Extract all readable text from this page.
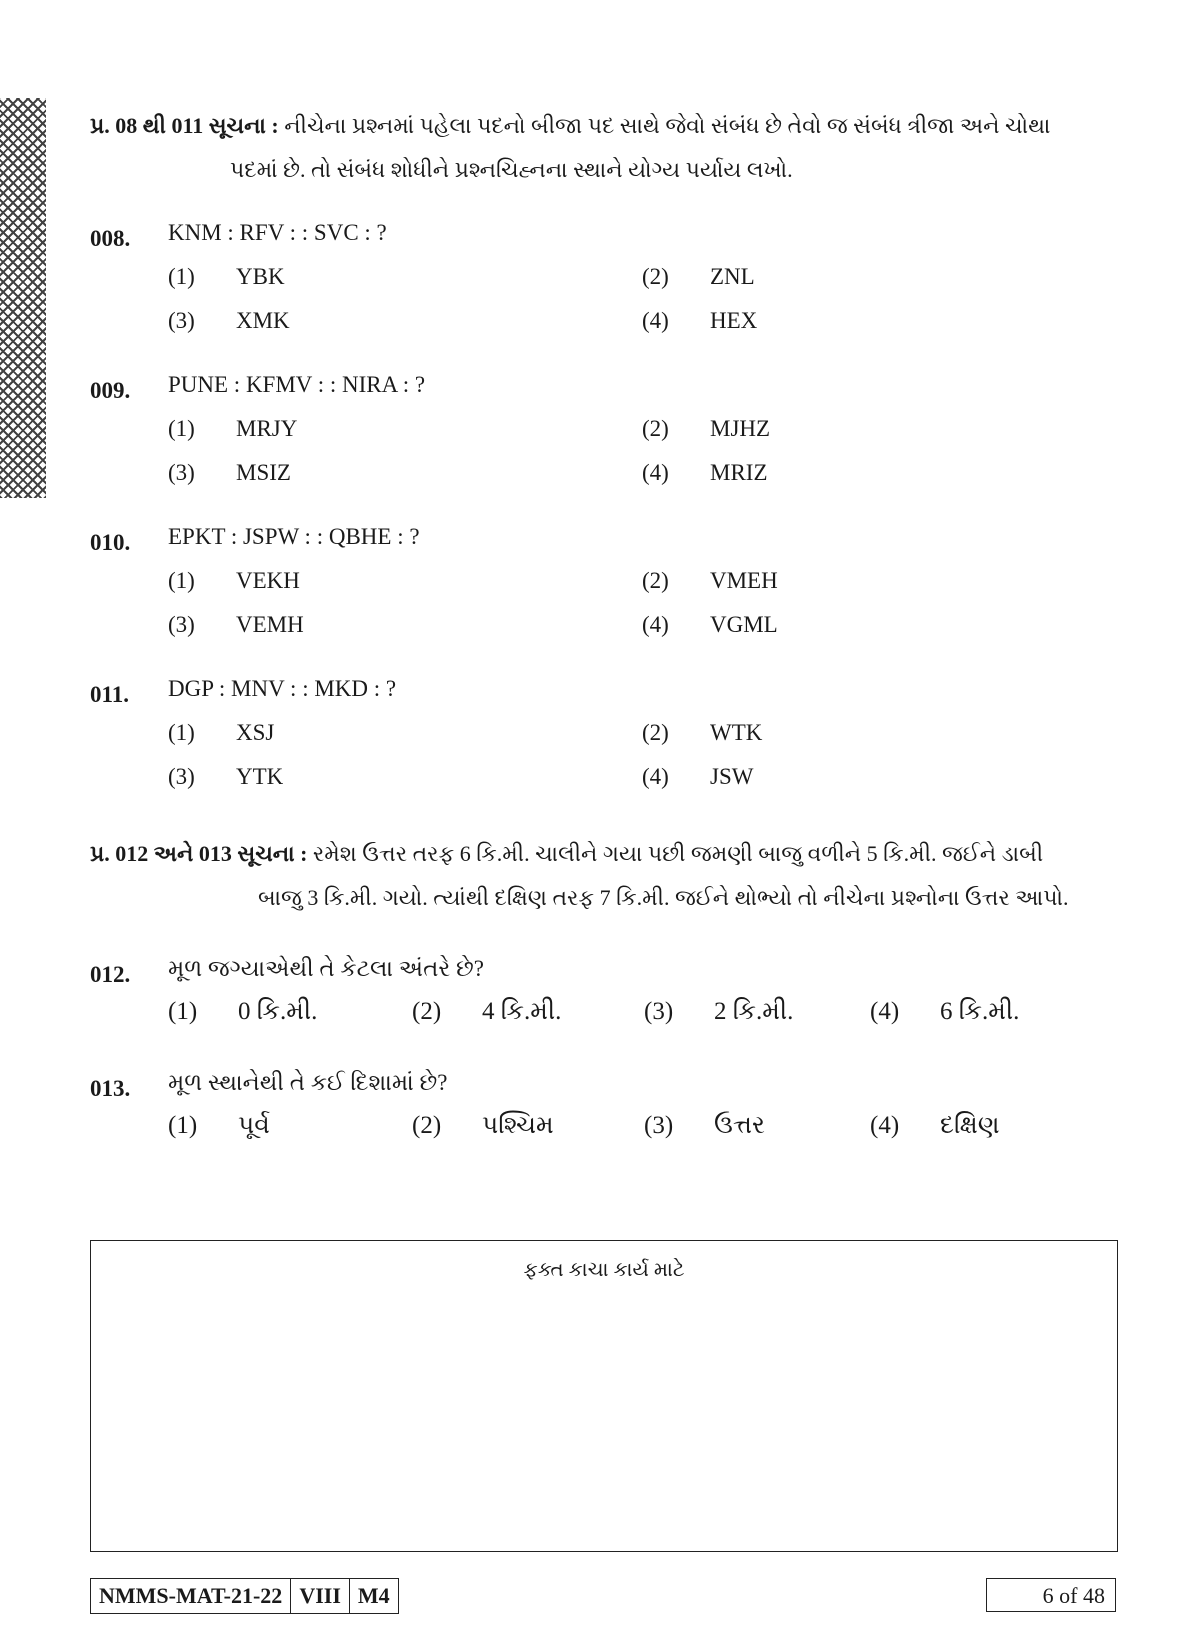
પ્ર. 08 થી 011 સૂચના : નીચેના પ્રશ્નમાં પહેલા પદનો બીજા પદ સાથે જેવો સંબંધ છે તેવો જ સંબંધ ત્રીજા અને ચોથા
પદમાં છે. તો સંબંધ શોધીને પ્રશ્નચિહ્નના સ્થાને યોગ્ય પર્યાય લખો.
008. KNM : RFV : : SVC : ?
(1) YBK	(2) ZNL
(3) XMK	(4) HEX
009. PUNE : KFMV : : NIRA : ?
(1) MRJY	(2) MJHZ
(3) MSIZ	(4) MRIZ
010. EPKT : JSPW : : QBHE : ?
(1) VEKH	(2) VMEH
(3) VEMH	(4) VGML
011. DGP : MNV : : MKD : ?
(1) XSJ	(2) WTK
(3) YTK	(4) JSW
પ્ર. 012 અને 013 સૂચના : રમેશ ઉત્તર તરફ 6 કિ.મી. ચાલીને ગયા પછી જમણી બાજુ વળીને 5 કિ.મી. જઈને ડાબી
બાજુ 3 કિ.મી. ગયો. ત્યાંથી દક્ષિણ તરફ 7 કિ.મી. જઈને થોભ્યો તો નીચેના પ્રશ્નોના ઉત્તર આપો.
012. મૂળ જગ્યાએથી તે કેટલા અંતરે છે?
(1) 0 કિ.મી.	(2) 4 કિ.મી.	(3) 2 કિ.મી.	(4) 6 કિ.મી.
013. મૂળ સ્થાનેથી તે કઈ દિશામાં છે?
(1) પૂર્વ	(2) પશ્ચિમ	(3) ઉત્તર	(4) દક્ષિણ
ફક્ત કાચા કાર્ય માટે
NMMS-MAT-21-22 VIII M4	6 of 48
